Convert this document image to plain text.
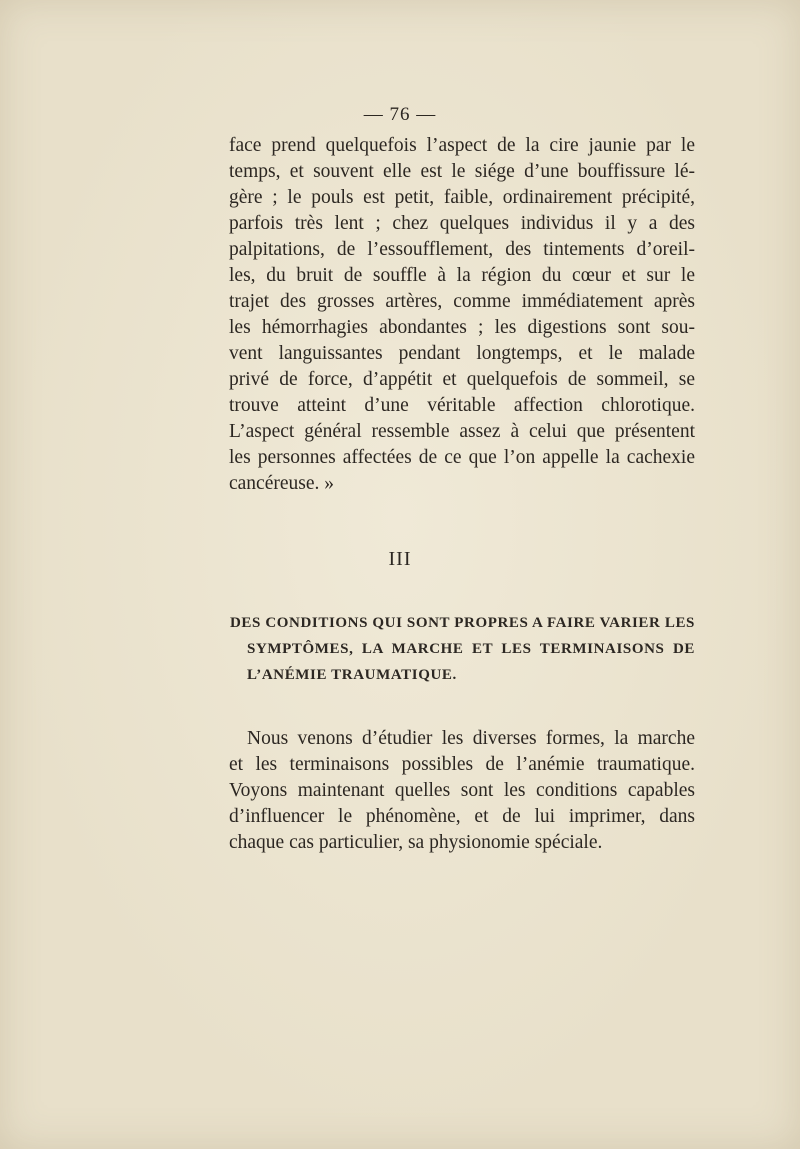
— 76 —
face prend quelquefois l’aspect de la cire jaunie par le
temps, et souvent elle est le siége d’une bouffissure lé-
gère ; le pouls est petit, faible, ordinairement précipité,
parfois très lent ; chez quelques individus il y a des
palpitations, de l’essoufflement, des tintements d’oreil-
les, du bruit de souffle à la région du cœur et sur le
trajet des grosses artères, comme immédiatement après
les hémorrhagies abondantes ; les digestions sont sou-
vent languissantes pendant longtemps, et le malade
privé de force, d’appétit et quelquefois de sommeil, se
trouve atteint d’une véritable affection chlorotique.
L’aspect général ressemble assez à celui que présentent
les personnes affectées de ce que l’on appelle la cachexie
cancéreuse. »
III
DES CONDITIONS QUI SONT PROPRES A FAIRE VARIER LES
SYMPTÔMES, LA MARCHE ET LES TERMINAISONS DE
L’ANÉMIE TRAUMATIQUE.
Nous venons d’étudier les diverses formes, la marche
et les terminaisons possibles de l’anémie traumatique.
Voyons maintenant quelles sont les conditions capables
d’influencer le phénomène, et de lui imprimer, dans
chaque cas particulier, sa physionomie spéciale.
